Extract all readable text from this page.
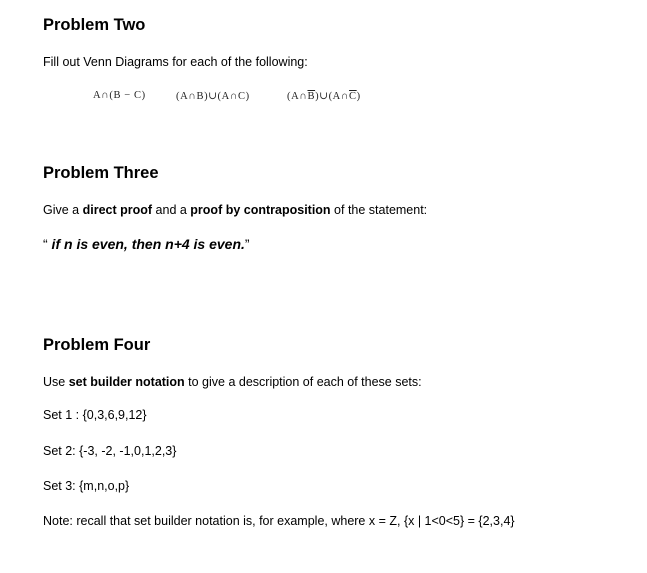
Problem Two
Fill out Venn Diagrams for each of the following:
A∩(B − C)	(A∩B)∪(A∩C)	$(A\cap\overline{B})\cup(A\cap\overline{C})$
Problem Three
Give a direct proof and a proof by contraposition of the statement:
“ if n is even, then n+4 is even.”
Problem Four
Use set builder notation to give a description of each of these sets:
Set 1 : {0,3,6,9,12}
Set 2: {-3, -2, -1,0,1,2,3}
Set 3: {m,n,o,p}
Note: recall that set builder notation is, for example, where x = Z, {x | 1<0<5} = {2,3,4}
